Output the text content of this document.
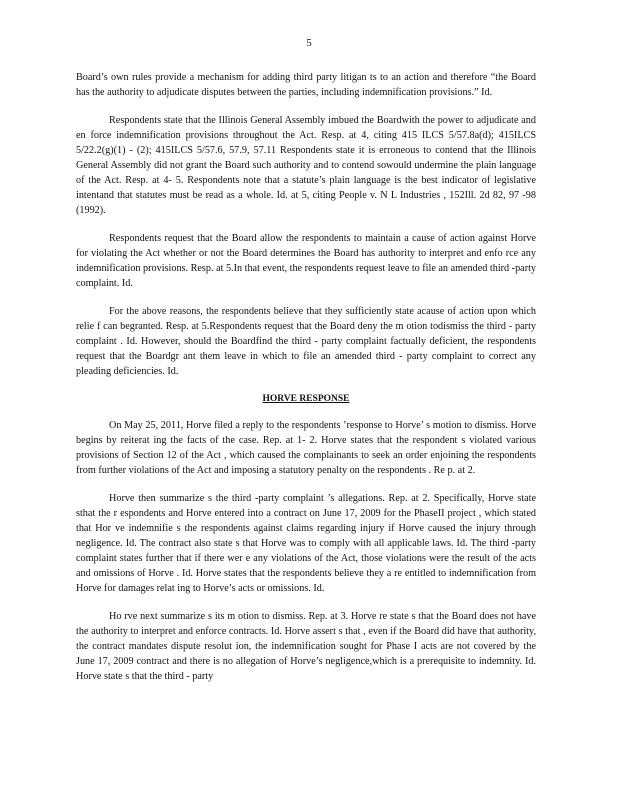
5

Board’s own rules provide a mechanism for adding third party litigan ts to an action and therefore “the Board has the authority to adjudicate disputes between the parties, including indemnification provisions.” Id.

Respondents state that the Illinois General Assembly imbued the Boardwith the power to adjudicate and en force indemnification provisions throughout the Act. Resp. at 4, citing 415 ILCS 5/57.8a(d); 415ILCS 5/22.2(g)(1) - (2); 415ILCS 5/57.6, 57.9, 57.11 Respondents state it is erroneous to contend that the Illinois General Assembly did not grant the Board such authority and to contend sowould undermine the plain language of the Act. Resp. at 4- 5. Respondents note that a statute’s plain language is the best indicator of legislative intentand that statutes must be read as a whole. Id. at 5, citing People v. N L Industries , 152Ill. 2d 82, 97 -98 (1992).

Respondents request that the Board allow the respondents to maintain a cause of action against Horve for violating the Act whether or not the Board determines the Board has authority to interpret and enfo rce any indemnification provisions. Resp. at 5.In that event, the respondents request leave to file an amended third -party complaint. Id.

For the above reasons, the respondents believe that they sufficiently state acause of action upon which relie f can begranted. Resp. at 5.Respondents request that the Board deny the m otion todismiss the third - party complaint . Id. However, should the Boardfind the third - party complaint factually deficient, the respondents request that the Boardgr ant them leave in which to file an amended third - party complaint to correct any pleading deficiencies. Id.

HORVE RESPONSE

On May 25, 2011, Horve filed a reply to the respondents ’response to Horve’ s motion to dismiss. Horve begins by reiterat ing the facts of the case. Rep. at 1- 2. Horve states that the respondent s violated various provisions of Section 12 of the Act , which caused the complainants to seek an order enjoining the respondents from further violations of the Act and imposing a statutory penalty on the respondents . Re p. at 2.

Horve then summarize s the third -party complaint ’s allegations. Rep. at 2. Specifically, Horve state sthat the r espondents and Horve entered into a contract on June 17, 2009 for the PhaseII project , which stated that Hor ve indemnifie s the respondents against claims regarding injury if Horve caused the injury through negligence. Id. The contract also state s that Horve was to comply with all applicable laws. Id. The third -party complaint states further that if there wer e any violations of the Act, those violations were the result of the acts and omissions of Horve . Id. Horve states that the respondents believe they a re entitled to indemnification from Horve for damages relat ing to Horve’s acts or omissions. Id.

Ho rve next summarize s its m otion to dismiss. Rep. at 3. Horve re state s that the Board does not have the authority to interpret and enforce contracts. Id. Horve assert s that , even if the Board did have that authority, the contract mandates dispute resolut ion, the indemnification sought for Phase I acts are not covered by the June 17, 2009 contract and there is no allegation of Horve’s negligence,which is a prerequisite to indemnity. Id. Horve state s that the third - party
